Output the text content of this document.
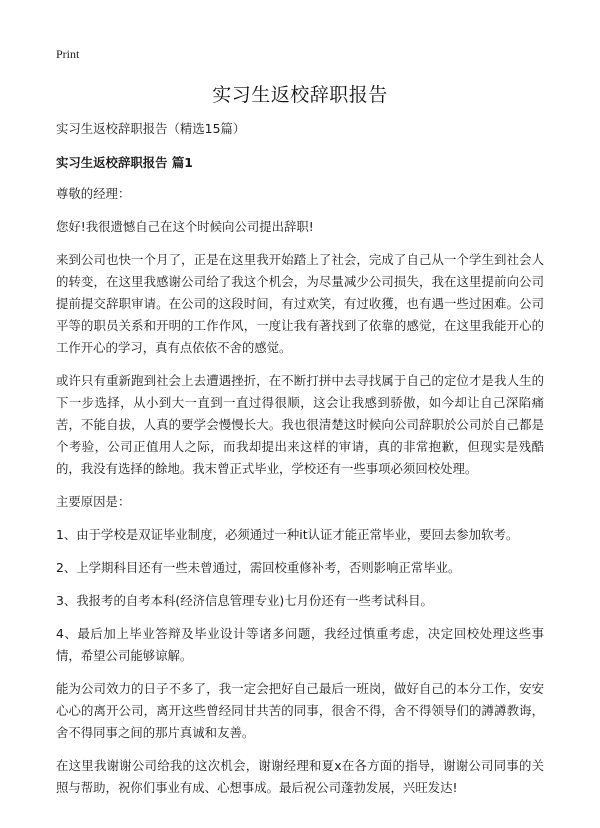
Print
实习生返校辞职报告

实习生返校辞职报告（精选15篇）

实习生返校辞职报告 篇1

尊敬的经理：

您好!我很遗憾自己在这个时候向公司提出辞职!

来到公司也快一个月了，正是在这里我开始踏上了社会，完成了自己从一个学生到社会人的转变，在这里我感谢公司给了我这个机会，为尽量减少公司损失，我在这里提前向公司提前提交辞职审请。在公司的这段时间，有过欢笑，有过收獲，也有遇一些过困难。公司平等的职员关系和开明的工作作风，一度让我有著找到了依靠的感觉，在这里我能开心的工作开心的学习，真有点依依不舍的感觉。

或许只有重新跑到社会上去遭遇挫折，在不断打拼中去寻找属于自己的定位才是我人生的下一步选择，从小到大一直到一直过得很顺，这会让我感到骄傲，如今却让自己深陷痛苦，不能自拔，人真的要学会慢慢长大。我也很清楚这时候向公司辞职於公司於自己都是个考验，公司正值用人之际，而我却提出来这样的审请，真的非常抱歉，但现实是残酷的，我没有选择的餘地。我末曾正式毕业，学校还有一些事项必须回校处理。

主要原因是：

1、由于学校是双证毕业制度，必须通过一种it认证才能正常毕业，要回去参加软考。

2、上学期科目还有一些未曾通过，需回校重修补考，否则影响正常毕业。

3、我报考的自考本科(经济信息管理专业)七月份还有一些考试科目。

4、最后加上毕业答辩及毕业设计等诸多问题，我经过慎重考虑，决定回校处理这些事情，希望公司能够谅解。

能为公司效力的日子不多了，我一定会把好自己最后一班岗，做好自己的本分工作，安安心心的离开公司，离开这些曾经同甘共苦的同事，很舍不得，舍不得领导们的譐譐教诲，舍不得同事之间的那片真诚和友善。

在这里我谢谢公司给我的这次机会，谢谢经理和夏x在各方面的指导，谢谢公司同事的关照与帮助，祝你们事业有成、心想事成。最后祝公司蓬勃发展，兴旺发达!
